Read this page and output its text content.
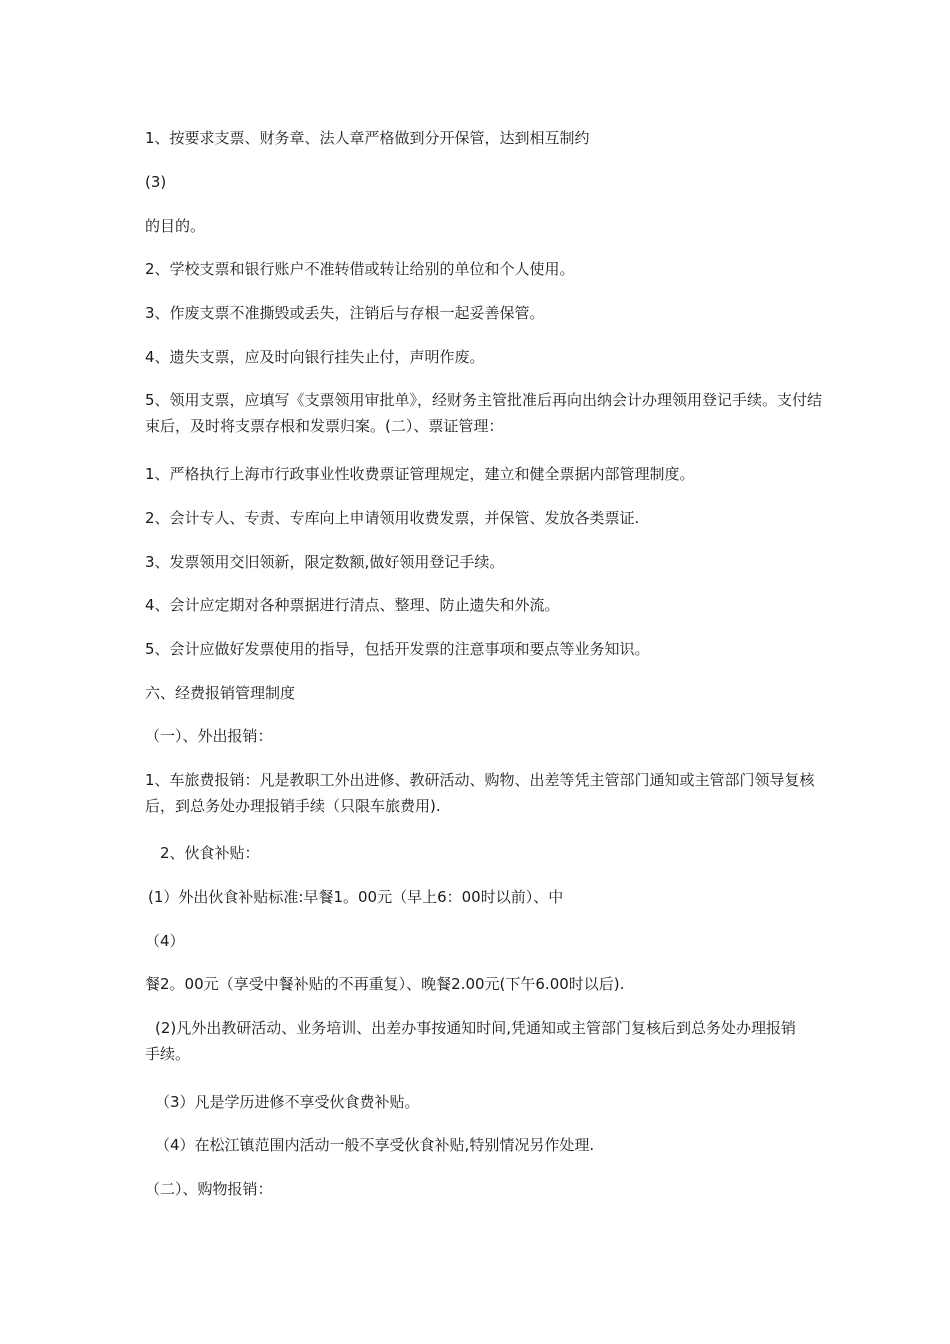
1、按要求支票、财务章、法人章严格做到分开保管，达到相互制约
(3)
的目的。
2、学校支票和银行账户不准转借或转让给别的单位和个人使用。
3、作废支票不准撕毁或丢失，注销后与存根一起妥善保管。
4、遗失支票，应及时向银行挂失止付，声明作废。
5、领用支票，应填写《支票领用审批单》，经财务主管批准后再向出纳会计办理领用登记手续。支付结束后，及时将支票存根和发票归案。(二）、票证管理：
1、严格执行上海市行政事业性收费票证管理规定，建立和健全票据内部管理制度。
2、会计专人、专责、专库向上申请领用收费发票，并保管、发放各类票证.
3、发票领用交旧领新，限定数额,做好领用登记手续。
4、会计应定期对各种票据进行清点、整理、防止遗失和外流。
5、会计应做好发票使用的指导，包括开发票的注意事项和要点等业务知识。
六、经费报销管理制度
（一）、外出报销：
1、车旅费报销：凡是教职工外出进修、教研活动、购物、出差等凭主管部门通知或主管部门领导复核后，到总务处办理报销手续（只限车旅费用).
2、伙食补贴：
(1）外出伙食补贴标准:早餐1。00元（早上6：00时以前）、中
（4）
餐2。00元（享受中餐补贴的不再重复）、晚餐2.00元(下午6.00时以后).
(2)凡外出教研活动、业务培训、出差办事按通知时间,凭通知或主管部门复核后到总务处办理报销手续。
（3）凡是学历进修不享受伙食费补贴。
（4）在松江镇范围内活动一般不享受伙食补贴,特别情况另作处理.
（二）、购物报销：
